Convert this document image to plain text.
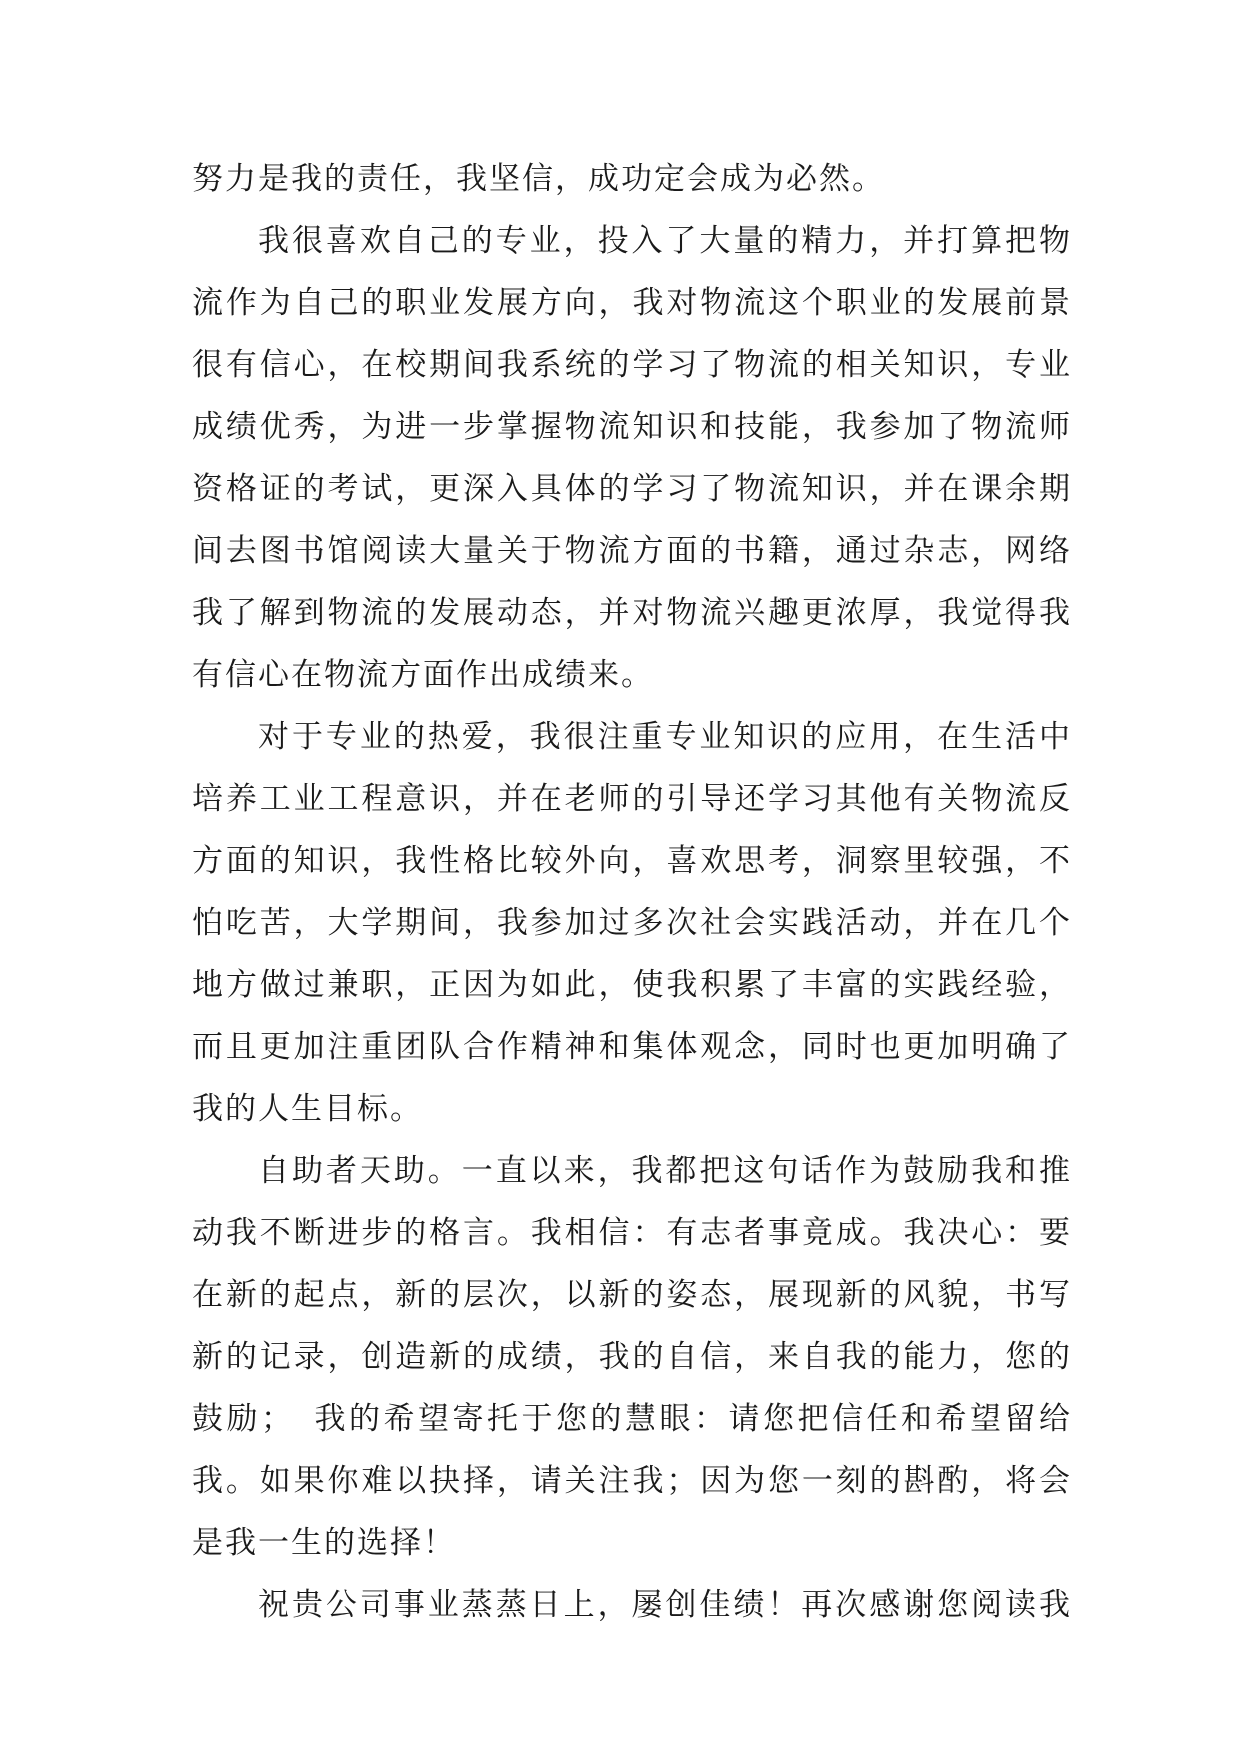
努力是我的责任，我坚信，成功定会成为必然。
我很喜欢自己的专业，投入了大量的精力，并打算把物
流作为自己的职业发展方向，我对物流这个职业的发展前景
很有信心，在校期间我系统的学习了物流的相关知识，专业
成绩优秀，为进一步掌握物流知识和技能，我参加了物流师
资格证的考试，更深入具体的学习了物流知识，并在课余期
间去图书馆阅读大量关于物流方面的书籍，通过杂志，网络
我了解到物流的发展动态，并对物流兴趣更浓厚，我觉得我
有信心在物流方面作出成绩来。
对于专业的热爱，我很注重专业知识的应用，在生活中
培养工业工程意识，并在老师的引导还学习其他有关物流反
方面的知识，我性格比较外向，喜欢思考，洞察里较强，不
怕吃苦，大学期间，我参加过多次社会实践活动，并在几个
地方做过兼职，正因为如此，使我积累了丰富的实践经验，
而且更加注重团队合作精神和集体观念，同时也更加明确了
我的人生目标。
自助者天助。一直以来，我都把这句话作为鼓励我和推
动我不断进步的格言。我相信：有志者事竟成。我决心：要
在新的起点，新的层次，以新的姿态，展现新的风貌，书写
新的记录，创造新的成绩，我的自信，来自我的能力，您的
鼓励；　我的希望寄托于您的慧眼：请您把信任和希望留给
我。如果你难以抉择，请关注我；因为您一刻的斟酌，将会
是我一生的选择！
祝贵公司事业蒸蒸日上，屡创佳绩！再次感谢您阅读我
